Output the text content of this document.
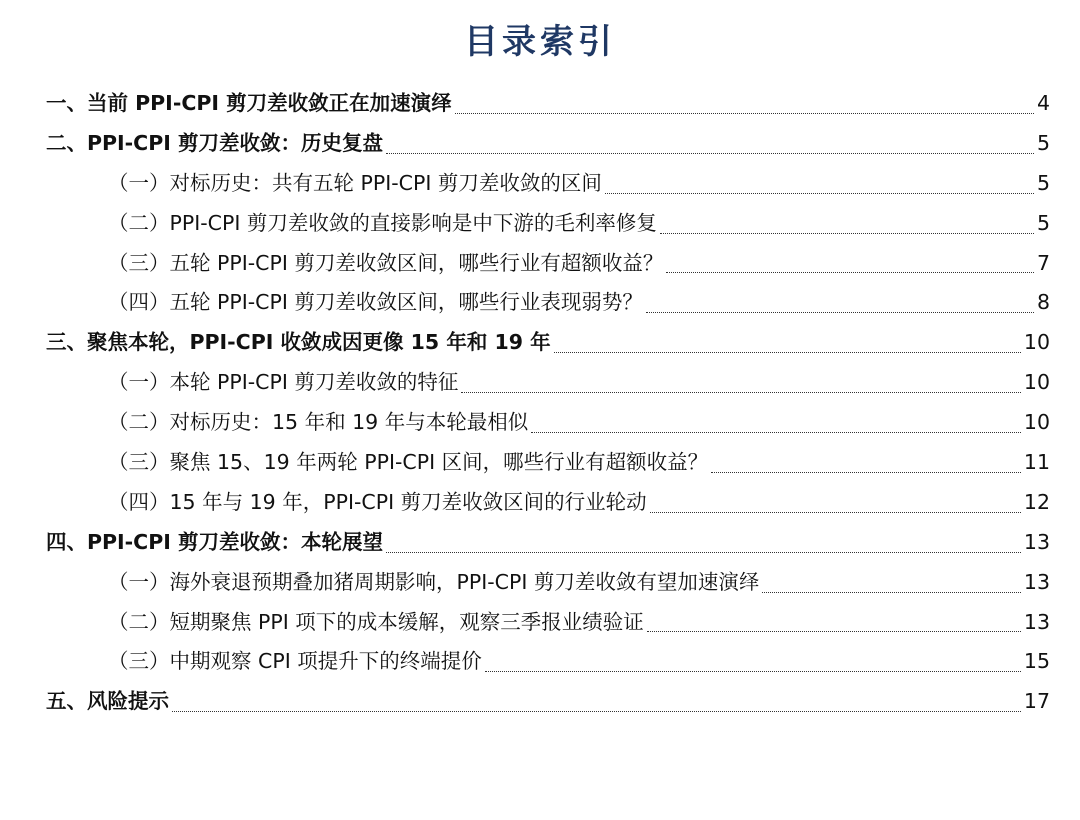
目录索引
一、当前 PPI-CPI 剪刀差收敛正在加速演绎	4
二、PPI-CPI 剪刀差收敛：历史复盘	5
（一）对标历史：共有五轮 PPI-CPI 剪刀差收敛的区间	5
（二）PPI-CPI 剪刀差收敛的直接影响是中下游的毛利率修复	5
（三）五轮 PPI-CPI 剪刀差收敛区间，哪些行业有超额收益？	7
（四）五轮 PPI-CPI 剪刀差收敛区间，哪些行业表现弱势？	8
三、聚焦本轮，PPI-CPI 收敛成因更像 15 年和 19 年	10
（一）本轮 PPI-CPI 剪刀差收敛的特征	10
（二）对标历史：15 年和 19 年与本轮最相似	10
（三）聚焦 15、19 年两轮 PPI-CPI 区间，哪些行业有超额收益？	11
（四）15 年与 19 年，PPI-CPI 剪刀差收敛区间的行业轮动	12
四、PPI-CPI 剪刀差收敛：本轮展望	13
（一）海外衰退预期叠加猪周期影响，PPI-CPI 剪刀差收敛有望加速演绎	13
（二）短期聚焦 PPI 项下的成本缓解，观察三季报业绩验证	13
（三）中期观察 CPI 项提升下的终端提价	15
五、风险提示	17
